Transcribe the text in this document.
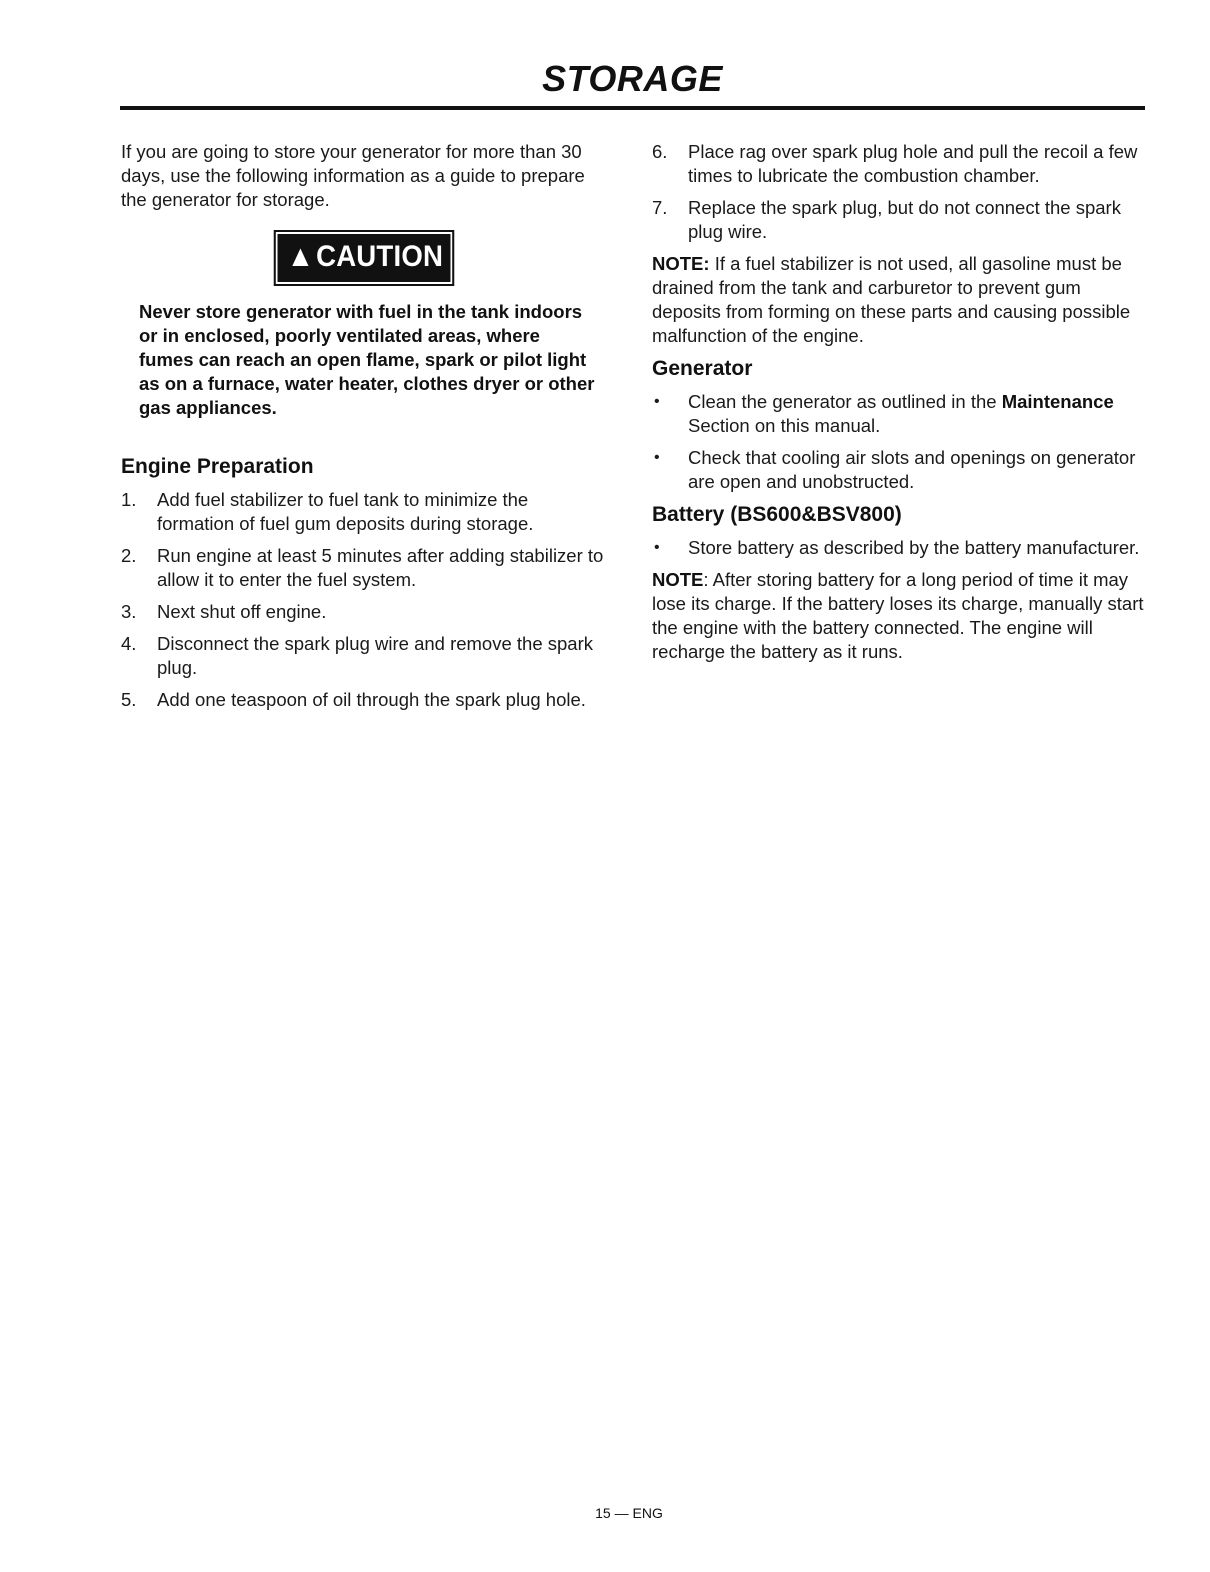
STORAGE

If you are going to store your generator for more than 30 days, use the following information as a guide to prepare the generator for storage.

▲CAUTION

Never store generator with fuel in the tank indoors or in enclosed, poorly ventilated areas, where fumes can reach an open flame, spark or pilot light as on a furnace, water heater, clothes dryer or other gas appliances.

Engine Preparation
1. Add fuel stabilizer to fuel tank to minimize the formation of fuel gum deposits during storage.
2. Run engine at least 5 minutes after adding stabilizer to allow it to enter the fuel system.
3. Next shut off engine.
4. Disconnect the spark plug wire and remove the spark plug.
5. Add one teaspoon of oil through the spark plug hole.
6. Place rag over spark plug hole and pull the recoil a few times to lubricate the combustion chamber.
7. Replace the spark plug, but do not connect the spark plug wire.

NOTE: If a fuel stabilizer is not used, all gasoline must be drained from the tank and carburetor to prevent gum deposits from forming on these parts and causing possible malfunction of the engine.

Generator
• Clean the generator as outlined in the Maintenance Section on this manual.
• Check that cooling air slots and openings on generator are open and unobstructed.
Battery (BS600&BSV800)
• Store battery as described by the battery manufacturer.

NOTE: After storing battery for a long period of time it may lose its charge. If the battery loses its charge, manually start the engine with the battery connected. The engine will recharge the battery as it runs.

15 — ENG
